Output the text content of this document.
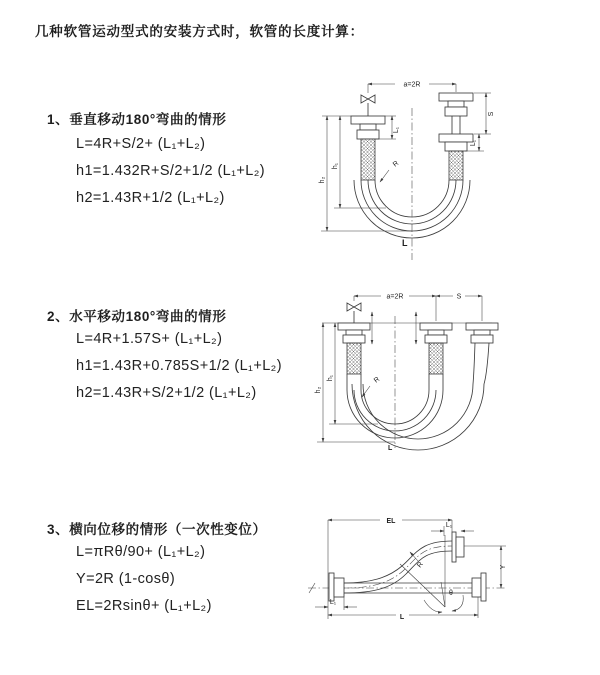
几种软管运动型式的安装方式时，软管的长度计算：
1、垂直移动180°弯曲的情形
L=4R+S/2+ (L₁+L₂)
h1=1.432R+S/2+1/2 (L₁+L₂)
h2=1.43R+1/2 (L₁+L₂)
2、水平移动180°弯曲的情形
L=4R+1.57S+ (L₁+L₂)
h1=1.43R+0.785S+1/2 (L₁+L₂)
h2=1.43R+S/2+1/2 (L₁+L₂)
3、横向位移的情形（一次性变位）
L=πRθ/90+ (L₁+L₂)
Y=2R (1-cosθ)
EL=2Rsinθ+ (L₁+L₂)
a=2R
L₁
S
L₁
h₁
h₂
R
L
a=2R	S
h₁
h₂
R
L
EL
L₁
Y
R
θ
L₁
L
